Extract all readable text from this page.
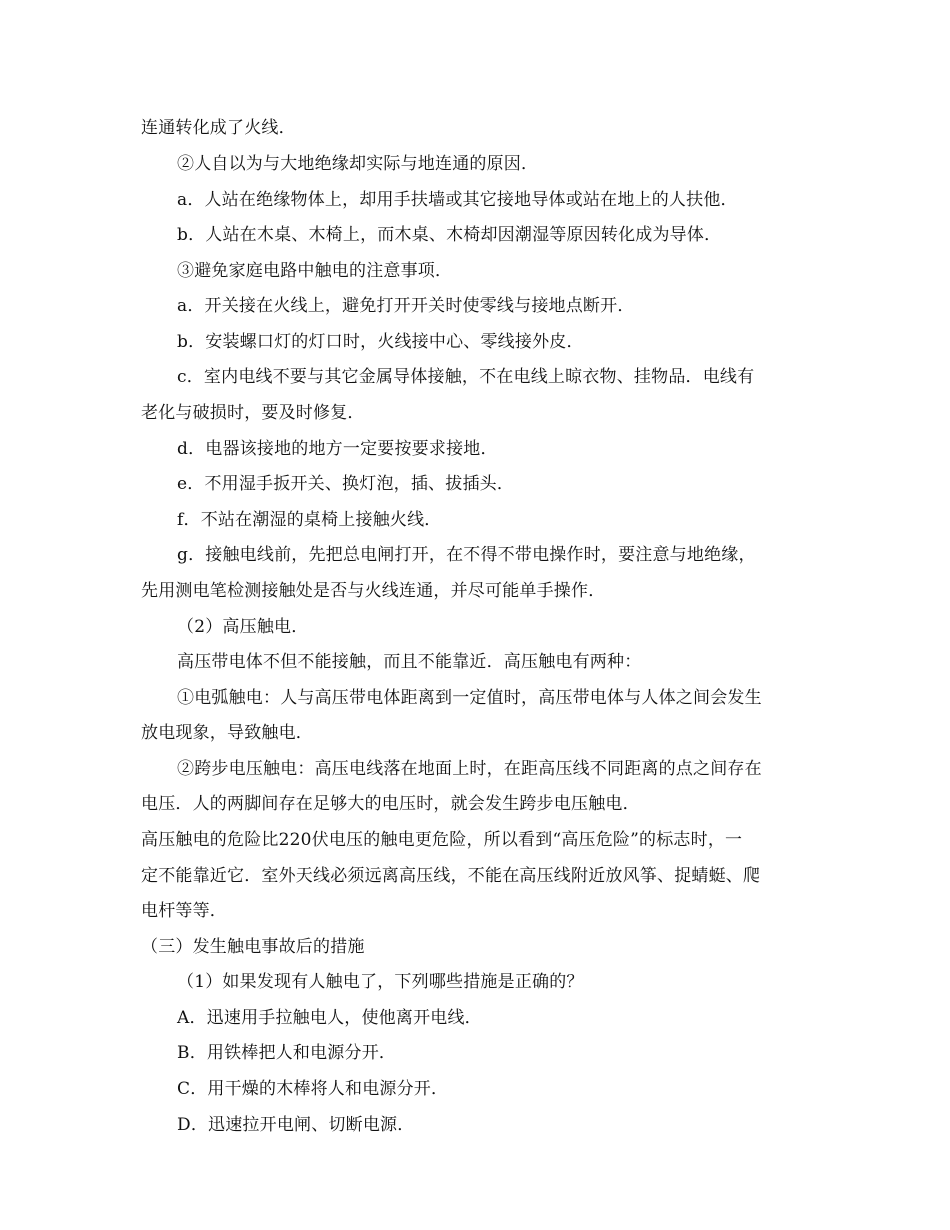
连通转化成了火线．

②人自以为与大地绝缘却实际与地连通的原因．

a．人站在绝缘物体上，却用手扶墙或其它接地导体或站在地上的人扶他．

b．人站在木桌、木椅上，而木桌、木椅却因潮湿等原因转化成为导体．

③避免家庭电路中触电的注意事项．

a．开关接在火线上，避免打开开关时使零线与接地点断开．

b．安装螺口灯的灯口时，火线接中心、零线接外皮．

c．室内电线不要与其它金属导体接触，不在电线上晾衣物、挂物品．电线有

老化与破损时，要及时修复．

d．电器该接地的地方一定要按要求接地．

e．不用湿手扳开关、换灯泡，插、拔插头．

f．不站在潮湿的桌椅上接触火线．

g．接触电线前，先把总电闸打开，在不得不带电操作时，要注意与地绝缘，

先用测电笔检测接触处是否与火线连通，并尽可能单手操作．

（2）高压触电．

高压带电体不但不能接触，而且不能靠近．高压触电有两种：

①电弧触电：人与高压带电体距离到一定值时，高压带电体与人体之间会发生

放电现象，导致触电．

②跨步电压触电：高压电线落在地面上时，在距高压线不同距离的点之间存在

电压．人的两脚间存在足够大的电压时，就会发生跨步电压触电．

高压触电的危险比220伏电压的触电更危险，所以看到“高压危险”的标志时，一

定不能靠近它．室外天线必须远离高压线，不能在高压线附近放风筝、捉蜻蜓、爬

电杆等等．

（三）发生触电事故后的措施

（1）如果发现有人触电了，下列哪些措施是正确的？

A．迅速用手拉触电人，使他离开电线．

B．用铁棒把人和电源分开．

C．用干燥的木棒将人和电源分开．

D．迅速拉开电闸、切断电源．
